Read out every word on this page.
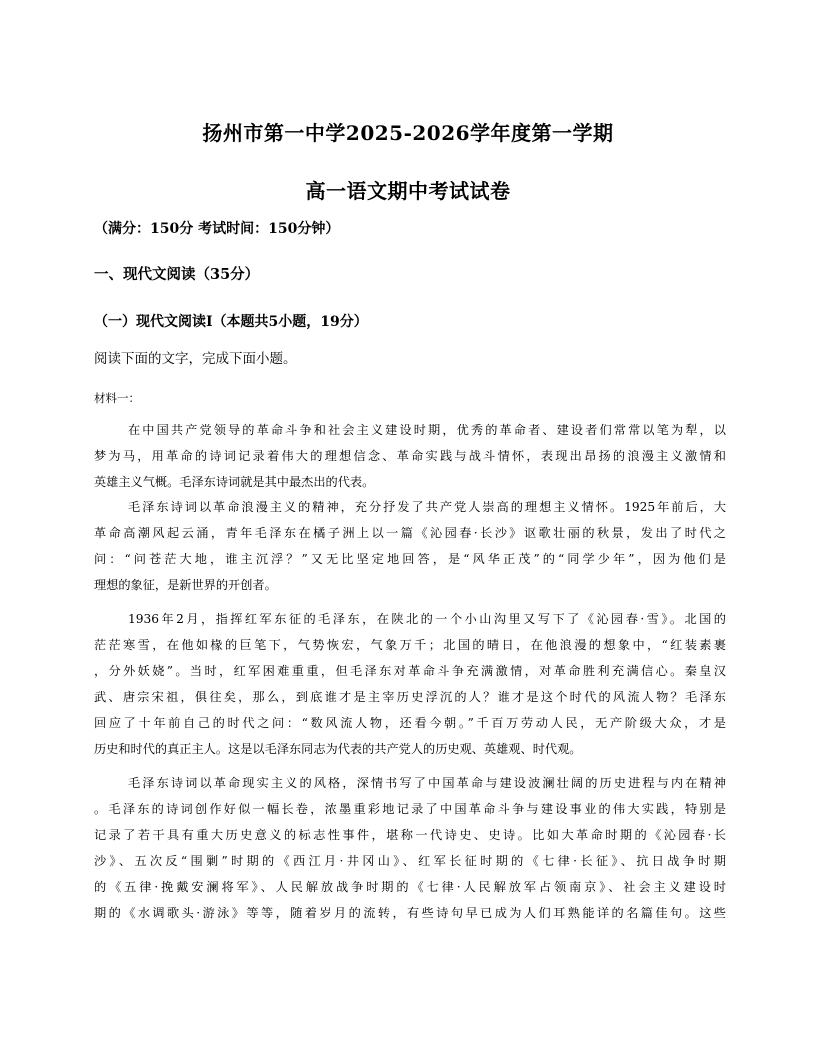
扬州市第一中学2025-2026学年度第一学期
高一语文期中考试试卷
（满分：150分 考试时间：150分钟）
一、现代文阅读（35分）
（一）现代文阅读Ⅰ（本题共5小题，19分）
阅读下面的文字，完成下面小题。
材料一：
在中国共产党领导的革命斗争和社会主义建设时期，优秀的革命者、建设者们常常以笔为犁，以
梦为马，用革命的诗词记录着伟大的理想信念、革命实践与战斗情怀，表现出昂扬的浪漫主义激情和
英雄主义气概。毛泽东诗词就是其中最杰出的代表。
毛泽东诗词以革命浪漫主义的精神，充分抒发了共产党人崇高的理想主义情怀。1925年前后，大
革命高潮风起云涌，青年毛泽东在橘子洲上以一篇《沁园春·长沙》讴歌壮丽的秋景，发出了时代之
问：“问苍茫大地，谁主沉浮？”又无比坚定地回答，是“风华正茂”的“同学少年”，因为他们是
理想的象征，是新世界的开创者。
1936年2月，指挥红军东征的毛泽东，在陕北的一个小山沟里又写下了《沁园春·雪》。北国的
茫茫寒雪，在他如椽的巨笔下，气势恢宏，气象万千；北国的晴日，在他浪漫的想象中，“红装素裹
，分外妖娆”。当时，红军困难重重，但毛泽东对革命斗争充满激情，对革命胜利充满信心。秦皇汉
武、唐宗宋祖，俱往矣，那么，到底谁才是主宰历史浮沉的人？谁才是这个时代的风流人物？毛泽东
回应了十年前自己的时代之问：“数风流人物，还看今朝。”千百万劳动人民，无产阶级大众，才是
历史和时代的真正主人。这是以毛泽东同志为代表的共产党人的历史观、英雄观、时代观。
毛泽东诗词以革命现实主义的风格，深情书写了中国革命与建设波澜壮阔的历史进程与内在精神
。毛泽东的诗词创作好似一幅长卷，浓墨重彩地记录了中国革命斗争与建设事业的伟大实践，特别是
记录了若干具有重大历史意义的标志性事件，堪称一代诗史、史诗。比如大革命时期的《沁园春·长
沙》、五次反“围剿”时期的《西江月·井冈山》、红军长征时期的《七律·长征》、抗日战争时期
的《五律·挽戴安澜将军》、人民解放战争时期的《七律·人民解放军占领南京》、社会主义建设时
期的《水调歌头·游泳》等等，随着岁月的流转，有些诗句早已成为人们耳熟能详的名篇佳句。这些
